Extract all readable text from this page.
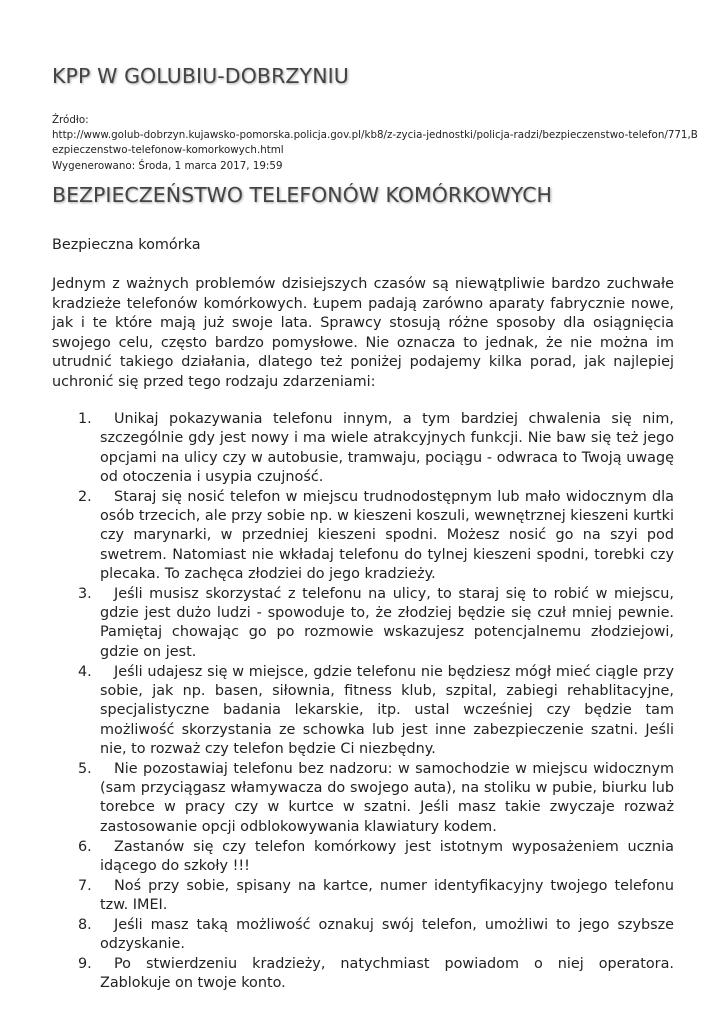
KPP W GOLUBIU-DOBRZYNIU
Źródło:
http://www.golub-dobrzyn.kujawsko-pomorska.policja.gov.pl/kb8/z-zycia-jednostki/policja-radzi/bezpieczenstwo-telefon/771,B
ezpieczenstwo-telefonow-komorkowych.html
Wygenerowano: Środa, 1 marca 2017, 19:59
BEZPIECZEŃSTWO TELEFONÓW KOMÓRKOWYCH
Bezpieczna komórka

Jednym z ważnych problemów dzisiejszych czasów są niewątpliwie bardzo zuchwałe kradzieże telefonów komórkowych. Łupem padają zarówno aparaty fabrycznie nowe, jak i te które mają już swoje lata. Sprawcy stosują różne sposoby dla osiągnięcia swojego celu, często bardzo pomysłowe. Nie oznacza to jednak, że nie można im utrudnić takiego działania, dlatego też poniżej podajemy kilka porad, jak najlepiej uchronić się przed tego rodzaju zdarzeniami:

1.	Unikaj pokazywania telefonu innym, a tym bardziej chwalenia się nim, szczególnie gdy jest nowy i ma wiele atrakcyjnych funkcji. Nie baw się też jego opcjami na ulicy czy w autobusie, tramwaju, pociągu - odwraca to Twoją uwagę od otoczenia i usypia czujność.
2.	Staraj się nosić telefon w miejscu trudnodostępnym lub mało widocznym dla osób trzecich, ale przy sobie np. w kieszeni koszuli, wewnętrznej kieszeni kurtki czy marynarki, w przedniej kieszeni spodni. Możesz nosić go na szyi pod swetrem. Natomiast nie wkładaj telefonu do tylnej kieszeni spodni, torebki czy plecaka. To zachęca złodziei do jego kradzieży.
3.	Jeśli musisz skorzystać z telefonu na ulicy, to staraj się to robić w miejscu, gdzie jest dużo ludzi - spowoduje to, że złodziej będzie się czuł mniej pewnie. Pamiętaj chowając go po rozmowie wskazujesz potencjalnemu złodziejowi, gdzie on jest.
4.	Jeśli udajesz się w miejsce, gdzie telefonu nie będziesz mógł mieć ciągle przy sobie, jak np. basen, siłownia, fitness klub, szpital, zabiegi rehablitacyjne, specjalistyczne badania lekarskie, itp. ustal wcześniej czy będzie tam możliwość skorzystania ze schowka lub jest inne zabezpieczenie szatni. Jeśli nie, to rozważ czy telefon będzie Ci niezbędny.
5.	Nie pozostawiaj telefonu bez nadzoru: w samochodzie w miejscu widocznym (sam przyciągasz włamywacza do swojego auta), na stoliku w pubie, biurku lub torebce w pracy czy w kurtce w szatni. Jeśli masz takie zwyczaje rozważ zastosowanie opcji odblokowywania klawiatury kodem.
6.	Zastanów się czy telefon komórkowy jest istotnym wyposażeniem ucznia idącego do szkoły !!!
7.	Noś przy sobie, spisany na kartce, numer identyfikacyjny twojego telefonu tzw. IMEI.
8.	Jeśli masz taką możliwość oznakuj swój telefon, umożliwi to jego szybsze odzyskanie.
9.	Po stwierdzeniu kradzieży, natychmiast powiadom o niej operatora. Zablokuje on twoje konto.
